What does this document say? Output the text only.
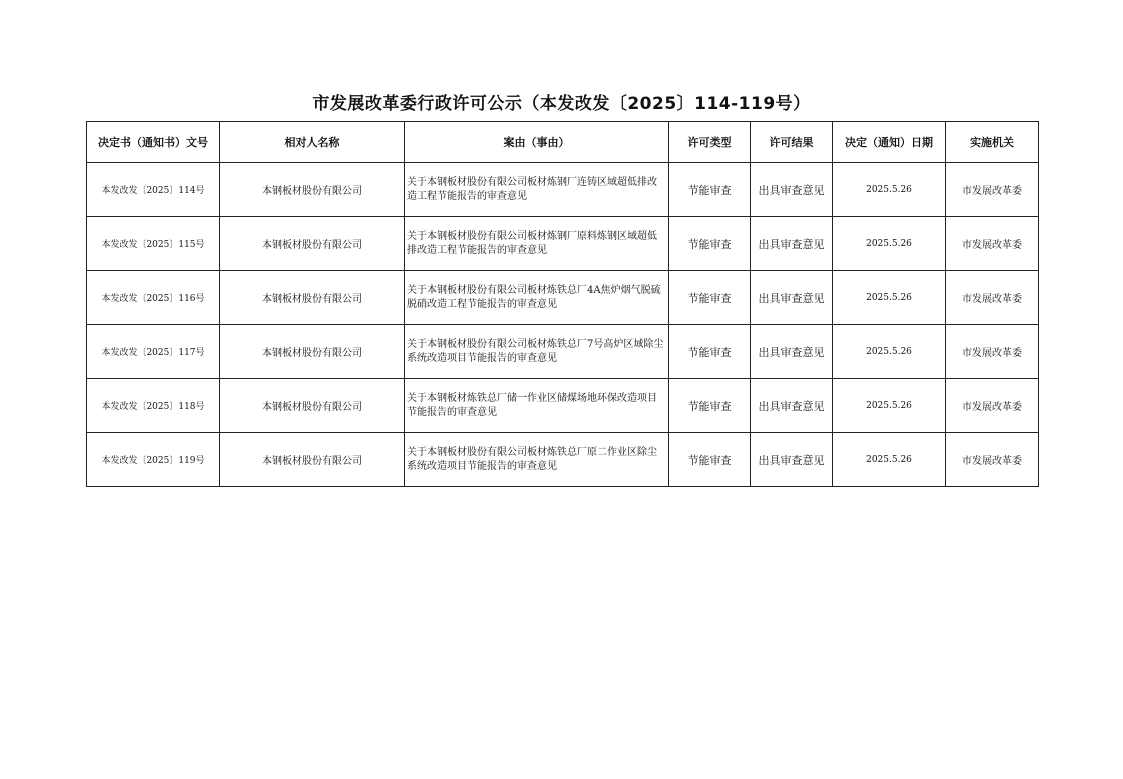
市发展改革委行政许可公示（本发改发〔2025〕114-119号）
决定书（通知书）文号	相对人名称	案由（事由）	许可类型	许可结果	决定（通知）日期	实施机关
本发改发〔2025〕114号	本钢板材股份有限公司	关于本钢板材股份有限公司板材炼钢厂连铸区域超低排改造工程节能报告的审查意见	节能审查	出具审查意见	2025.5.26	市发展改革委
本发改发〔2025〕115号	本钢板材股份有限公司	关于本钢板材股份有限公司板材炼钢厂原料炼钢区域超低排改造工程节能报告的审查意见	节能审查	出具审查意见	2025.5.26	市发展改革委
本发改发〔2025〕116号	本钢板材股份有限公司	关于本钢板材股份有限公司板材炼铁总厂4A焦炉烟气脱硫脱硝改造工程节能报告的审查意见	节能审查	出具审查意见	2025.5.26	市发展改革委
本发改发〔2025〕117号	本钢板材股份有限公司	关于本钢板材股份有限公司板材炼铁总厂7号高炉区域除尘系统改造项目节能报告的审查意见	节能审查	出具审查意见	2025.5.26	市发展改革委
本发改发〔2025〕118号	本钢板材股份有限公司	关于本钢板材炼铁总厂储一作业区储煤场地环保改造项目节能报告的审查意见	节能审查	出具审查意见	2025.5.26	市发展改革委
本发改发〔2025〕119号	本钢板材股份有限公司	关于本钢板材股份有限公司板材炼铁总厂原二作业区除尘系统改造项目节能报告的审查意见	节能审查	出具审查意见	2025.5.26	市发展改革委
